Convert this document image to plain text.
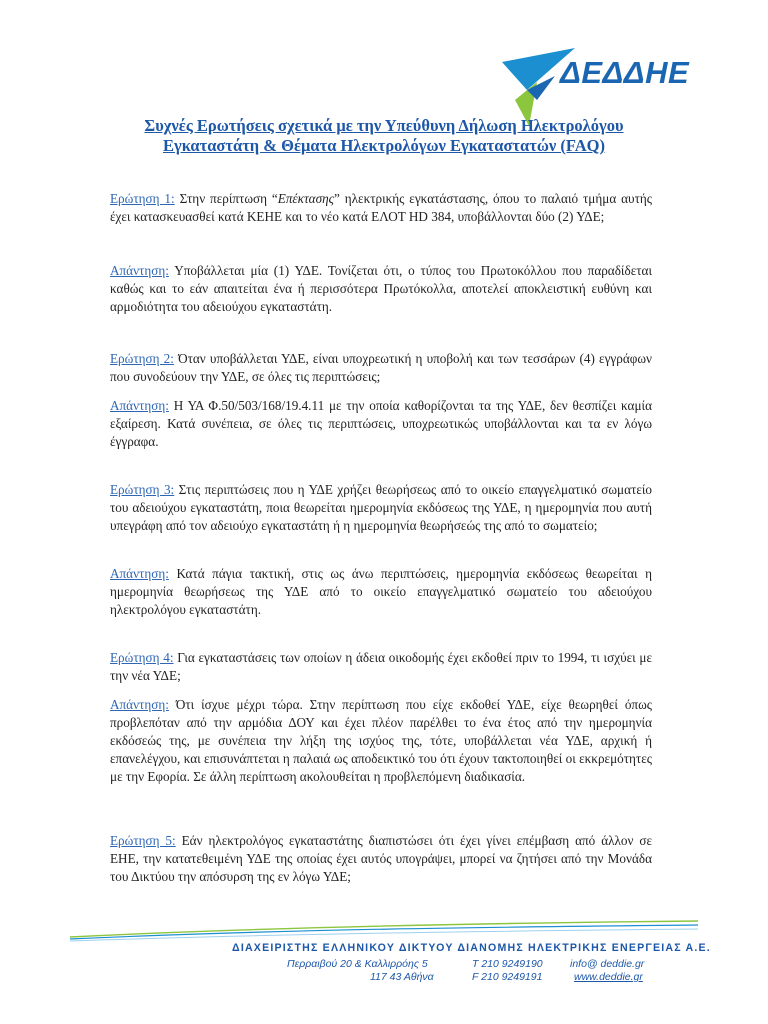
ΔΕΔΔΗΕ
Συχνές Ερωτήσεις σχετικά με την Υπεύθυνη Δήλωση Ηλεκτρολόγου
Εγκαταστάτη & Θέματα Ηλεκτρολόγων Εγκαταστατών (FAQ)
Ερώτηση 1: Στην περίπτωση “Επέκτασης” ηλεκτρικής εγκατάστασης, όπου το παλαιό τμήμα αυτής έχει κατασκευασθεί κατά ΚΕΗΕ και το νέο κατά ΕΛΟΤ HD 384, υποβάλλονται δύο (2) ΥΔΕ;
Απάντηση: Υποβάλλεται μία (1) ΥΔΕ. Τονίζεται ότι, ο τύπος του Πρωτοκόλλου που παραδίδεται καθώς και το εάν απαιτείται ένα ή περισσότερα Πρωτόκολλα, αποτελεί αποκλειστική ευθύνη και αρμοδιότητα του αδειούχου εγκαταστάτη.
Ερώτηση 2: Όταν υποβάλλεται ΥΔΕ, είναι υποχρεωτική η υποβολή και των τεσσάρων (4) εγγράφων που συνοδεύουν την ΥΔΕ, σε όλες τις περιπτώσεις;
Απάντηση: Η ΥΑ Φ.50/503/168/19.4.11 με την οποία καθορίζονται τα της ΥΔΕ, δεν θεσπίζει καμία εξαίρεση. Κατά συνέπεια, σε όλες τις περιπτώσεις, υποχρεωτικώς υποβάλλονται και τα εν λόγω έγγραφα.
Ερώτηση 3: Στις περιπτώσεις που η ΥΔΕ χρήζει θεωρήσεως από το οικείο επαγγελματικό σωματείο του αδειούχου εγκαταστάτη, ποια θεωρείται ημερομηνία εκδόσεως της ΥΔΕ, η ημερομηνία που αυτή υπεγράφη από τον αδειούχο εγκαταστάτη ή η ημερομηνία θεωρήσεώς της από το σωματείο;
Απάντηση: Κατά πάγια τακτική, στις ως άνω περιπτώσεις, ημερομηνία εκδόσεως θεωρείται η ημερομηνία θεωρήσεως της ΥΔΕ από το οικείο επαγγελματικό σωματείο του αδειούχου ηλεκτρολόγου εγκαταστάτη.
Ερώτηση 4: Για εγκαταστάσεις των οποίων η άδεια οικοδομής έχει εκδοθεί πριν το 1994, τι ισχύει με την νέα ΥΔΕ;
Απάντηση: Ότι ίσχυε μέχρι τώρα. Στην περίπτωση που είχε εκδοθεί ΥΔΕ, είχε θεωρηθεί όπως προβλεπόταν από την αρμόδια ΔΟΥ και έχει πλέον παρέλθει το ένα έτος από την ημερομηνία εκδόσεώς της, με συνέπεια την λήξη της ισχύος της, τότε, υποβάλλεται νέα ΥΔΕ, αρχική ή επανελέγχου, και επισυνάπτεται η παλαιά ως αποδεικτικό του ότι έχουν τακτοποιηθεί οι εκκρεμότητες με την Εφορία. Σε άλλη περίπτωση ακολουθείται η προβλεπόμενη διαδικασία.
Ερώτηση 5: Εάν ηλεκτρολόγος εγκαταστάτης διαπιστώσει ότι έχει γίνει επέμβαση από άλλον σε ΕΗΕ, την κατατεθειμένη ΥΔΕ της οποίας έχει αυτός υπογράψει, μπορεί να ζητήσει από την Μονάδα του Δικτύου την απόσυρση της εν λόγω ΥΔΕ;
ΔΙΑΧΕΙΡΙΣΤΗΣ ΕΛΛΗΝΙΚΟΥ ΔΙΚΤΥΟΥ ΔΙΑΝΟΜΗΣ ΗΛΕΚΤΡΙΚΗΣ ΕΝΕΡΓΕΙΑΣ Α.Ε.
Περραιβού 20 & Καλλιρρόης 5
117 43 Αθήνα
T 210 9249190
F 210 9249191
info@ deddie.gr
www.deddie.gr
